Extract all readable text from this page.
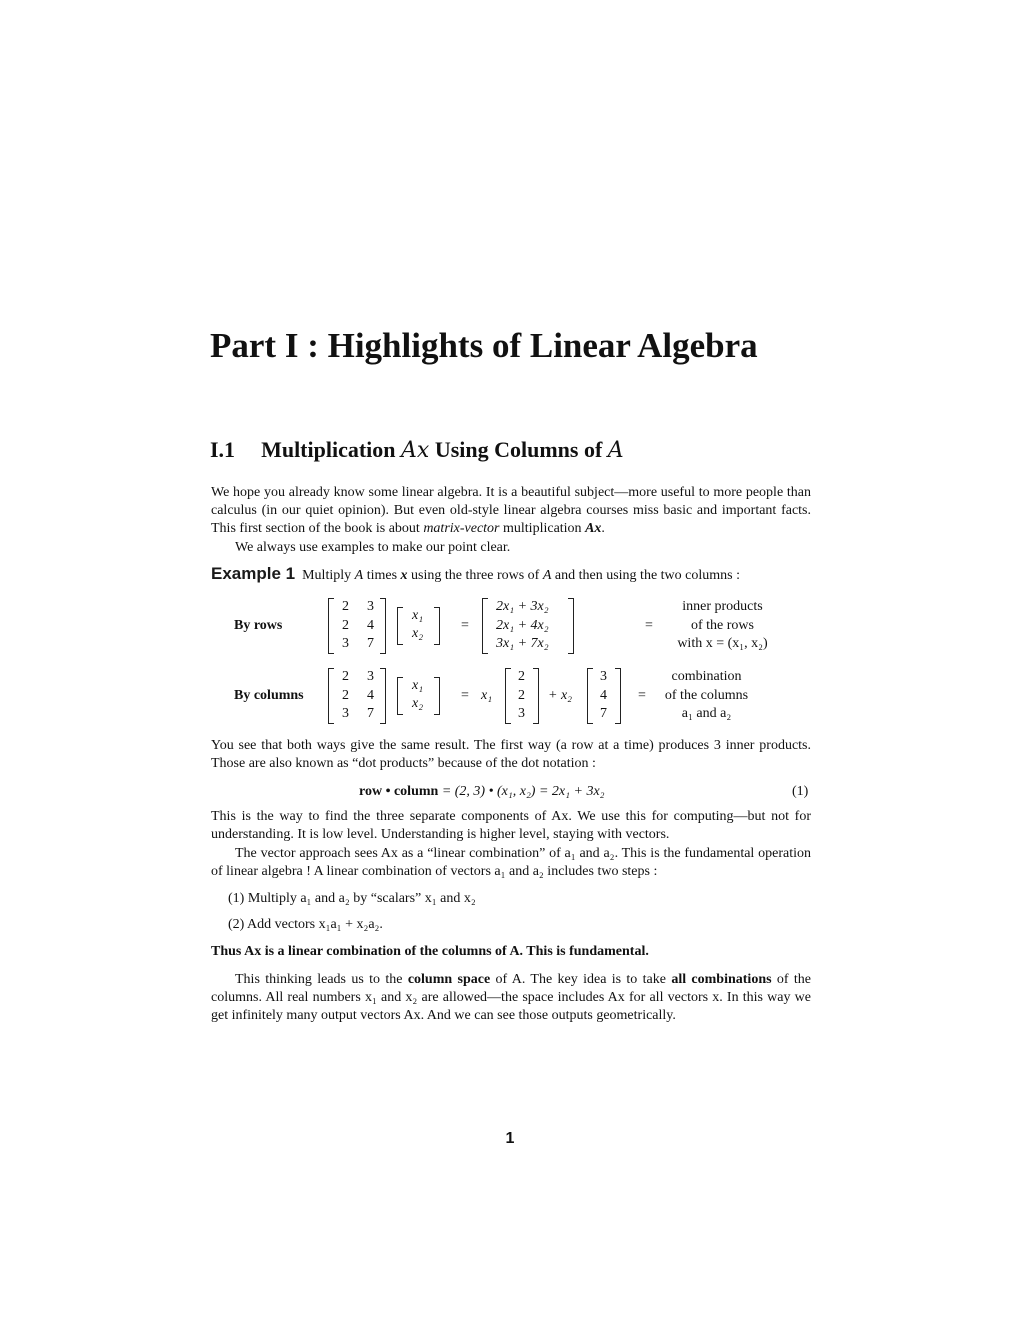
Part I : Highlights of Linear Algebra
I.1 Multiplication Ax Using Columns of A
We hope you already know some linear algebra. It is a beautiful subject—more useful to more people than calculus (in our quiet opinion). But even old-style linear algebra courses miss basic and important facts. This first section of the book is about matrix-vector multiplication Ax.
We always use examples to make our point clear.
Example 1 Multiply A times x using the three rows of A and then using the two columns :
By rows
2 3
2 4
3 7
x₁
x₂
=
2x₁ + 3x₂
2x₁ + 4x₂
3x₁ + 7x₂
=
inner products
of the rows
with x = (x₁, x₂)
By columns
2 3
2 4
3 7
x₁
x₂
= x₁
2
2
3
+ x₂
3
4
7
=
combination
of the columns
a₁ and a₂
You see that both ways give the same result. The first way (a row at a time) produces 3 inner products. Those are also known as “dot products” because of the dot notation :
row • column = (2, 3) • (x₁, x₂) = 2x₁ + 3x₂	(1)
This is the way to find the three separate components of Ax. We use this for computing—but not for understanding. It is low level. Understanding is higher level, staying with vectors.
The vector approach sees Ax as a “linear combination” of a₁ and a₂. This is the fundamental operation of linear algebra ! A linear combination of vectors a₁ and a₂ includes two steps :
(1) Multiply a₁ and a₂ by “scalars” x₁ and x₂
(2) Add vectors x₁a₁ + x₂a₂.
Thus Ax is a linear combination of the columns of A. This is fundamental.
This thinking leads us to the column space of A. The key idea is to take all combinations of the columns. All real numbers x₁ and x₂ are allowed—the space includes Ax for all vectors x. In this way we get infinitely many output vectors Ax. And we can see those outputs geometrically.
1
